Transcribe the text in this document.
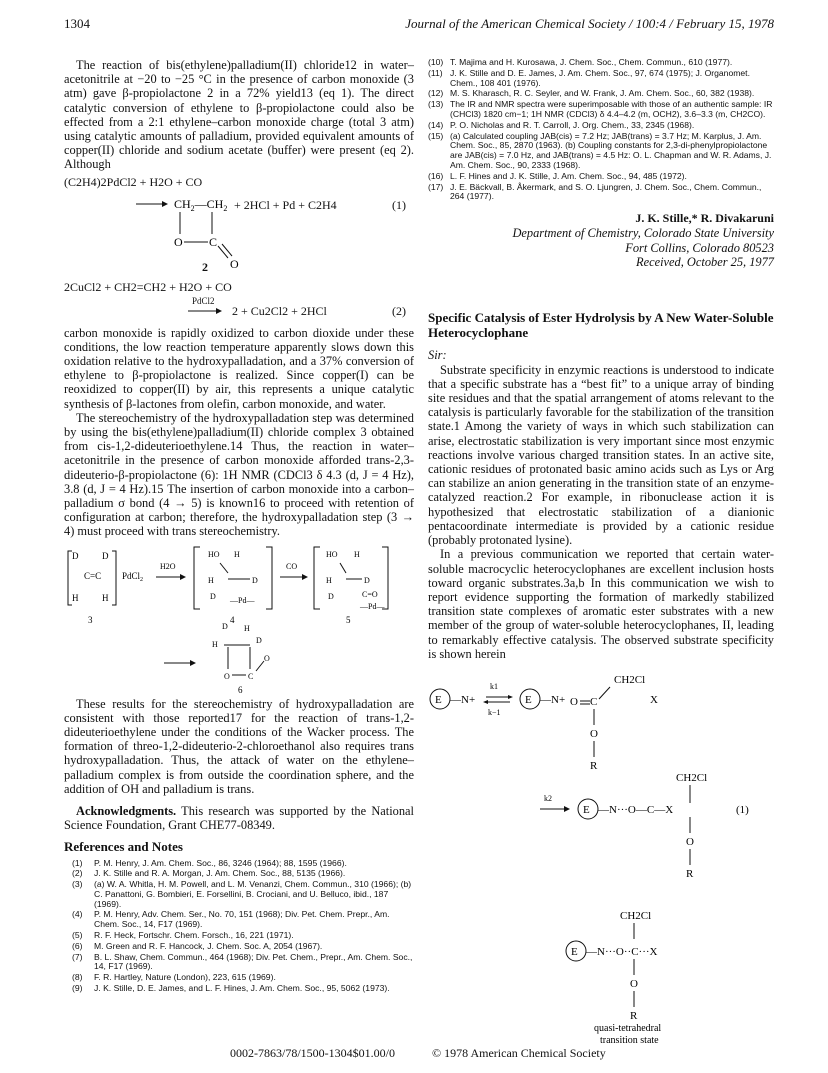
1304	Journal of the American Chemical Society / 100:4 / February 15, 1978

The reaction of bis(ethylene)palladium(II) chloride12 in water–acetonitrile at −20 to −25 °C in the presence of carbon monoxide (3 atm) gave β-propiolactone 2 in a 72% yield13 (eq 1). The direct catalytic conversion of ethylene to β-propiolactone could also be effected from a 2:1 ethylene–carbon monoxide charge (total 3 atm) using catalytic amounts of palladium, provided equivalent amounts of copper(II) chloride and sodium acetate (buffer) were present (eq 2). Although

(C2H4)2PdCl2 + H2O + CO
$CH_2—CH_2$
O C
O
+ 2HCl + Pd + C2H4	(1)
2
2CuCl2 + CH2=CH2 + H2O + CO
PdCl2
2 + Cu2Cl2 + 2HCl	(2)

carbon monoxide is rapidly oxidized to carbon dioxide under these conditions, the low reaction temperature apparently slows down this oxidation relative to the hydroxypalladation, and a 37% conversion of ethylene to β-propiolactone is realized. Since copper(I) can be reoxidized to copper(II) by air, this represents a unique catalytic synthesis of β-lactones from olefin, carbon monoxide, and water.

The stereochemistry of the hydroxypalladation step was determined by using the bis(ethylene)palladium(II) chloride complex 3 obtained from cis-1,2-dideuterioethylene.14 Thus, the reaction in water–acetonitrile in the presence of carbon monoxide afforded trans-2,3-dideuterio-β-propiolactone (6): 1H NMR (CDCl3 δ 4.3 (d, J = 4 Hz), 3.8 (d, J = 4 Hz).15 The insertion of carbon monoxide into a carbon–palladium σ bond (4 → 5) is known16 to proceed with retention of configuration at carbon; therefore, the hydroxypalladation step (3 → 4) must proceed with trans stereochemistry.

D	D
C=C
H	H
PdCl$_2$
3
H2O
HO H
H	D
D —Pd—
4
CO
HO H
H	D
D	C=O
—Pd—
5
D H
H	D
O C
O
6

These results for the stereochemistry of hydroxypalladation are consistent with those reported17 for the reaction of trans-1,2-dideuterioethylene under the conditions of the Wacker process. The formation of threo-1,2-dideuterio-2-chloroethanol also requires trans hydroxypalladation. Thus, the attack of water on the ethylene–palladium complex is from outside the coordination sphere, and the addition of OH and palladium is trans.

Acknowledgments. This research was supported by the National Science Foundation, Grant CHE77-08349.

References and Notes
(1) P. M. Henry, J. Am. Chem. Soc., 86, 3246 (1964); 88, 1595 (1966).
(2) J. K. Stille and R. A. Morgan, J. Am. Chem. Soc., 88, 5135 (1966).
(3) (a) W. A. Whitla, H. M. Powell, and L. M. Venanzi, Chem. Commun., 310 (1966); (b) C. Panattoni, G. Bombieri, E. Forsellini, B. Crociani, and U. Belluco, ibid., 187 (1969).
(4) P. M. Henry, Adv. Chem. Ser., No. 70, 151 (1968); Div. Pet. Chem. Prepr., Am. Chem. Soc., 14, F17 (1969).
(5) R. F. Heck, Fortschr. Chem. Forsch., 16, 221 (1971).
(6) M. Green and R. F. Hancock, J. Chem. Soc. A, 2054 (1967).
(7) B. L. Shaw, Chem. Commun., 464 (1968); Div. Pet. Chem., Prepr., Am. Chem. Soc., 14, F17 (1969).
(8) F. R. Hartley, Nature (London), 223, 615 (1969).
(9) J. K. Stille, D. E. James, and L. F. Hines, J. Am. Chem. Soc., 95, 5062 (1973).
(10) T. Majima and H. Kurosawa, J. Chem. Soc., Chem. Commun., 610 (1977).
(11) J. K. Stille and D. E. James, J. Am. Chem. Soc., 97, 674 (1975); J. Organomet. Chem., 108 401 (1976).
(12) M. S. Kharasch, R. C. Seyler, and W. Frank, J. Am. Chem. Soc., 60, 382 (1938).
(13) The IR and NMR spectra were superimposable with those of an authentic sample: IR (CHCl3) 1820 cm−1; 1H NMR (CDCl3) δ 4.4–4.2 (m, OCH2), 3.6–3.3 (m, CH2CO).
(14) P. O. Nicholas and R. T. Carroll, J. Org. Chem., 33, 2345 (1968).
(15) (a) Calculated coupling JAB(cis) = 7.2 Hz; JAB(trans) = 3.7 Hz; M. Karplus, J. Am. Chem. Soc., 85, 2870 (1963). (b) Coupling constants for 2,3-di-phenylpropiolactone are JAB(cis) = 7.0 Hz, and JAB(trans) = 4.5 Hz: O. L. Chapman and W. R. Adams, J. Am. Chem. Soc., 90, 2333 (1968).
(16) L. F. Hines and J. K. Stille, J. Am. Chem. Soc., 94, 485 (1972).
(17) J. E. Bäckvall, B. Åkermark, and S. O. Ljungren, J. Chem. Soc., Chem. Commun., 264 (1977).
J. K. Stille,* R. Divakaruni
Department of Chemistry, Colorado State University
Fort Collins, Colorado 80523
Received, October 25, 1977
Specific Catalysis of Ester Hydrolysis by A New Water-Soluble Heterocyclophane
Sir:

Substrate specificity in enzymic reactions is understood to indicate that a specific substrate has a “best fit” to a unique array of binding site residues and that the spatial arrangement of atoms relevant to the catalysis is particularly favorable for the stabilization of the transition state.1 Among the variety of ways in which such stabilization can arise, electrostatic stabilization is very important since most enzymic reactions involve various charged transition states. In an active site, cationic residues of protonated basic amino acids such as Lys or Arg can stabilize an anion generating in the transition state of an enzyme-catalyzed reaction.2 For example, in ribonuclease action it is hypothesized that electrostatic stabilization of a dianionic pentacoordinate intermediate is provided by a cationic residue (probably protonated lysine).

In a previous communication we reported that certain water-soluble macrocyclic heterocyclophanes are excellent inclusion hosts toward organic substrates.3a,b In this communication we wish to report evidence supporting the formation of markedly stabilized transition state complexes of aromatic ester substrates with a new member of the group of water-soluble heterocyclophanes, II, leading to remarkably effective catalysis. The observed substrate specificity is shown herein

E —N+
k1
k−1
E —N+ O C
CH2Cl
X
O
R
CH2Cl
k2
E —N···O—C—X	(1)
O
R
CH2Cl
E —N···O··C···X
O
R
quasi-tetrahedral
transition state
0002-7863/78/1500-1304$01.00/0	© 1978 American Chemical Society
